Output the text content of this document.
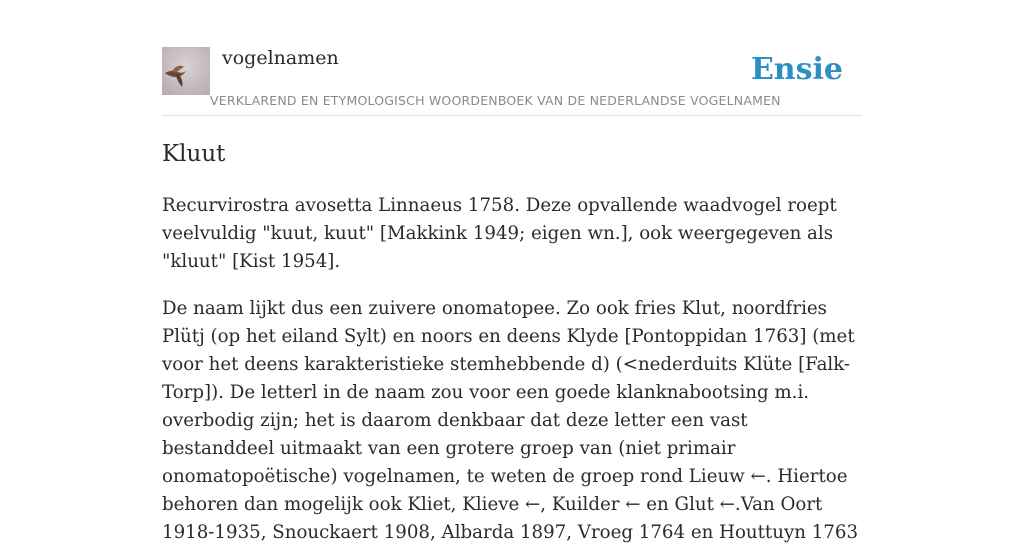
vogelnamen	Ensie
VERKLAREND EN ETYMOLOGISCH WOORDENBOEK VAN DE NEDERLANDSE VOGELNAMEN
Kluut

Recurvirostra avosetta Linnaeus 1758. Deze opvallende waadvogel roept veelvuldig "kuut, kuut" [Makkink 1949; eigen wn.], ook weergegeven als "kluut" [Kist 1954].

De naam lijkt dus een zuivere onomatopee. Zo ook fries Klut, noordfries Plütj (op het eiland Sylt) en noors en deens Klyde [Pontoppidan 1763] (met voor het deens karakteristieke stemhebbende d) (<nederduits Klüte [Falk-Torp]). De letterl in de naam zou voor een goede klanknabootsing m.i. overbodig zijn; het is daarom denkbaar dat deze letter een vast bestanddeel uitmaakt van een grotere groep van (niet primair onomatopoëtische) vogelnamen, te weten de groep rond Lieuw ←. Hiertoe behoren dan mogelijk ook Kliet, Klieve ←, Kuilder ← en Glut ←.Van Oort 1918-1935, Snouckaert 1908, Albarda 1897, Vroeg 1764 en Houttuyn 1763
